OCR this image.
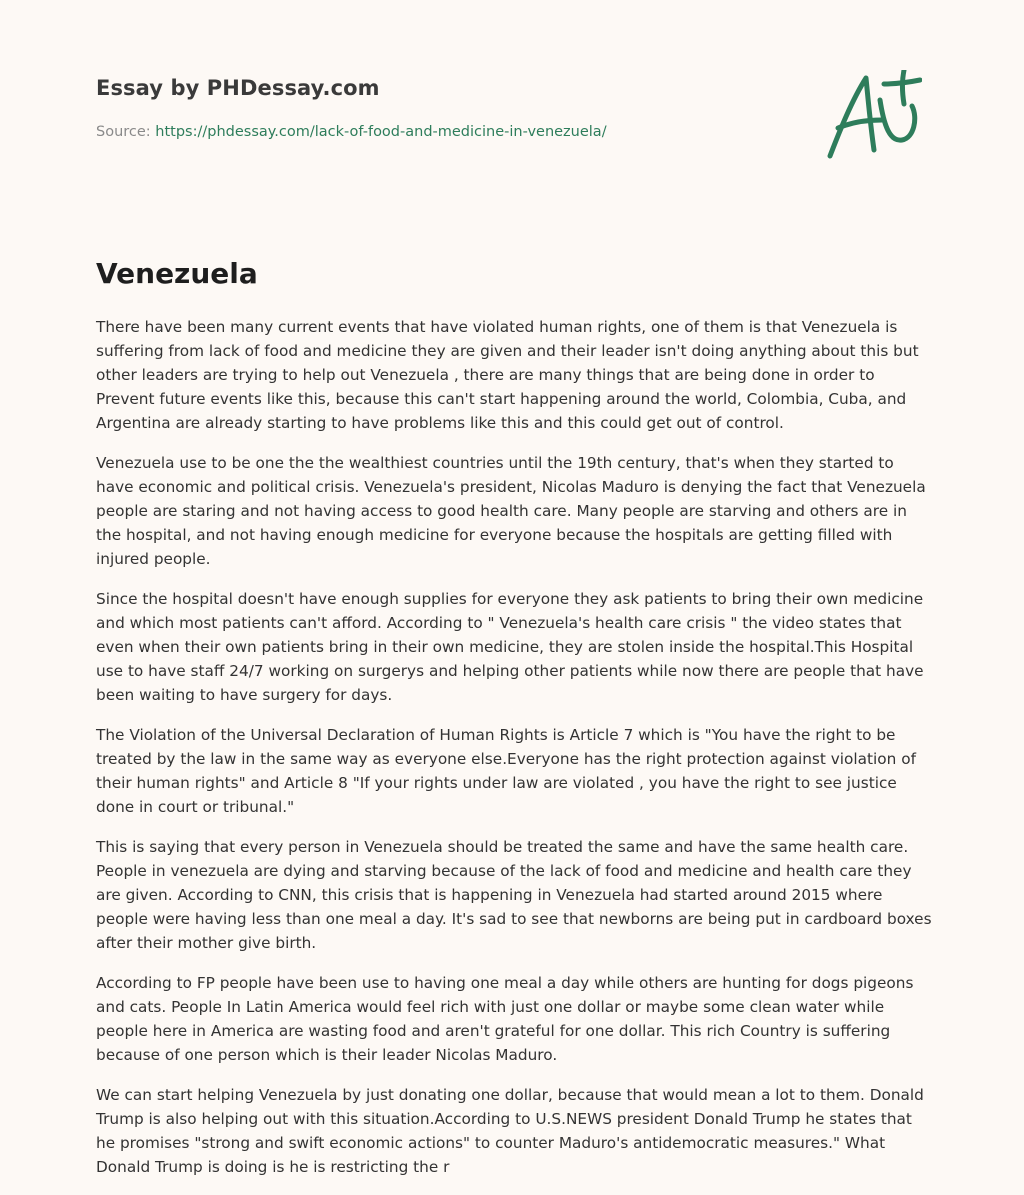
Essay by PHDessay.com
Source: https://phdessay.com/lack-of-food-and-medicine-in-venezuela/
Venezuela

There have been many current events that have violated human rights, one of them is that Venezuela is suffering from lack of food and medicine they are given and their leader isn't doing anything about this but other leaders are trying to help out Venezuela , there are many things that are being done in order to Prevent future events like this, because this can't start happening around the world, Colombia, Cuba, and Argentina are already starting to have problems like this and this could get out of control.

Venezuela use to be one the the wealthiest countries until the 19th century, that's when they started to have economic and political crisis. Venezuela's president, Nicolas Maduro is denying the fact that Venezuela people are staring and not having access to good health care. Many people are starving and others are in the hospital, and not having enough medicine for everyone because the hospitals are getting filled with injured people.

Since the hospital doesn't have enough supplies for everyone they ask patients to bring their own medicine and which most patients can't afford. According to " Venezuela's health care crisis " the video states that even when their own patients bring in their own medicine, they are stolen inside the hospital.This Hospital use to have staff 24/7 working on surgerys and helping other patients while now there are people that have been waiting to have surgery for days.

The Violation of the Universal Declaration of Human Rights is Article 7 which is "You have the right to be treated by the law in the same way as everyone else.Everyone has the right protection against violation of their human rights" and Article 8 "If your rights under law are violated , you have the right to see justice done in court or tribunal."

This is saying that every person in Venezuela should be treated the same and have the same health care. People in venezuela are dying and starving because of the lack of food and medicine and health care they are given. According to CNN, this crisis that is happening in Venezuela had started around 2015 where people were having less than one meal a day. It's sad to see that newborns are being put in cardboard boxes after their mother give birth.

According to FP people have been use to having one meal a day while others are hunting for dogs pigeons and cats. People In Latin America would feel rich with just one dollar or maybe some clean water while people here in America are wasting food and aren't grateful for one dollar. This rich Country is suffering because of one person which is their leader Nicolas Maduro.

We can start helping Venezuela by just donating one dollar, because that would mean a lot to them. Donald Trump is also helping out with this situation.According to U.S.NEWS president Donald Trump he states that he promises "strong and swift economic actions" to counter Maduro's antidemocratic measures." What Donald Trump is doing is he is restricting the r
